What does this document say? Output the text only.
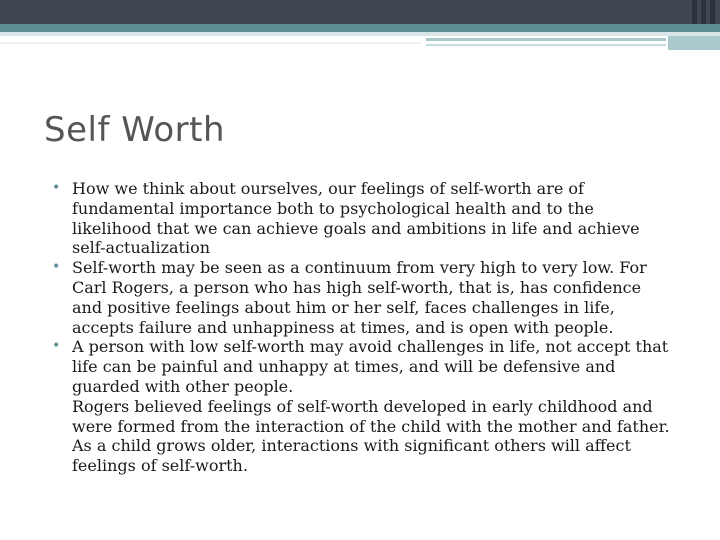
Self Worth

• How we think about ourselves, our feelings of self-worth are of fundamental importance both to psychological health and to the likelihood that we can achieve goals and ambitions in life and achieve self-actualization

• Self-worth may be seen as a continuum from very high to very low. For Carl Rogers, a person who has high self-worth, that is, has confidence and positive feelings about him or her self, faces challenges in life, accepts failure and unhappiness at times, and is open with people.

• A person with low self-worth may avoid challenges in life, not accept that life can be painful and unhappy at times, and will be defensive and guarded with other people.

Rogers believed feelings of self-worth developed in early childhood and were formed from the interaction of the child with the mother and father. As a child grows older, interactions with significant others will affect feelings of self-worth.
